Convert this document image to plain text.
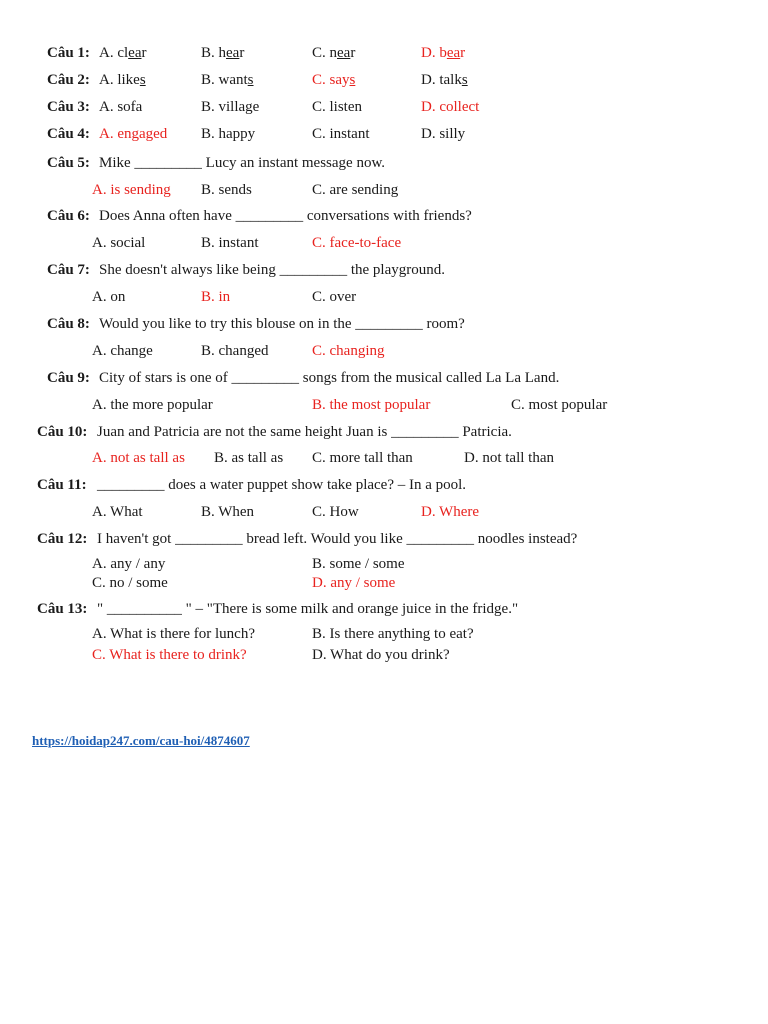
Câu 1: A. clear	B. hear	C. near	D. bear
Câu 2: A. likes	B. wants	C. says	D. talks
Câu 3: A. sofa	B. village	C. listen	D. collect
Câu 4: A. engaged B. happy	C. instant	D. silly
Câu 5: Mike _________ Lucy an instant message now.
A. is sending B. sends	C. are sending
Câu 6: Does Anna often have _________ conversations with friends?
A. social	B. instant	C. face-to-face
Câu 7: She doesn't always like being _________ the playground.
A. on	B. in	C. over
Câu 8: Would you like to try this blouse on in the _________ room?
A. change	B. changed	C. changing
Câu 9: City of stars is one of _________ songs from the musical called La La Land.
A. the more popular	B. the most popular	C. most popular
Câu 10: Juan and Patricia are not the same height Juan is _________ Patricia.
A. not as tall as B. as tall as C. more tall than	D. not tall than
Câu 11: _________ does a water puppet show take place? – In a pool.
A. What	B. When	C. How	D. Where
Câu 12: I haven't got _________ bread left. Would you like _________ noodles instead?
A. any / any	B. some / some
C. no / some	D. any / some
Câu 13: " __________ " – "There is some milk and orange juice in the fridge."
A. What is there for lunch?	B. Is there anything to eat?
C. What is there to drink?	D. What do you drink?
https://hoidap247.com/cau-hoi/4874607
